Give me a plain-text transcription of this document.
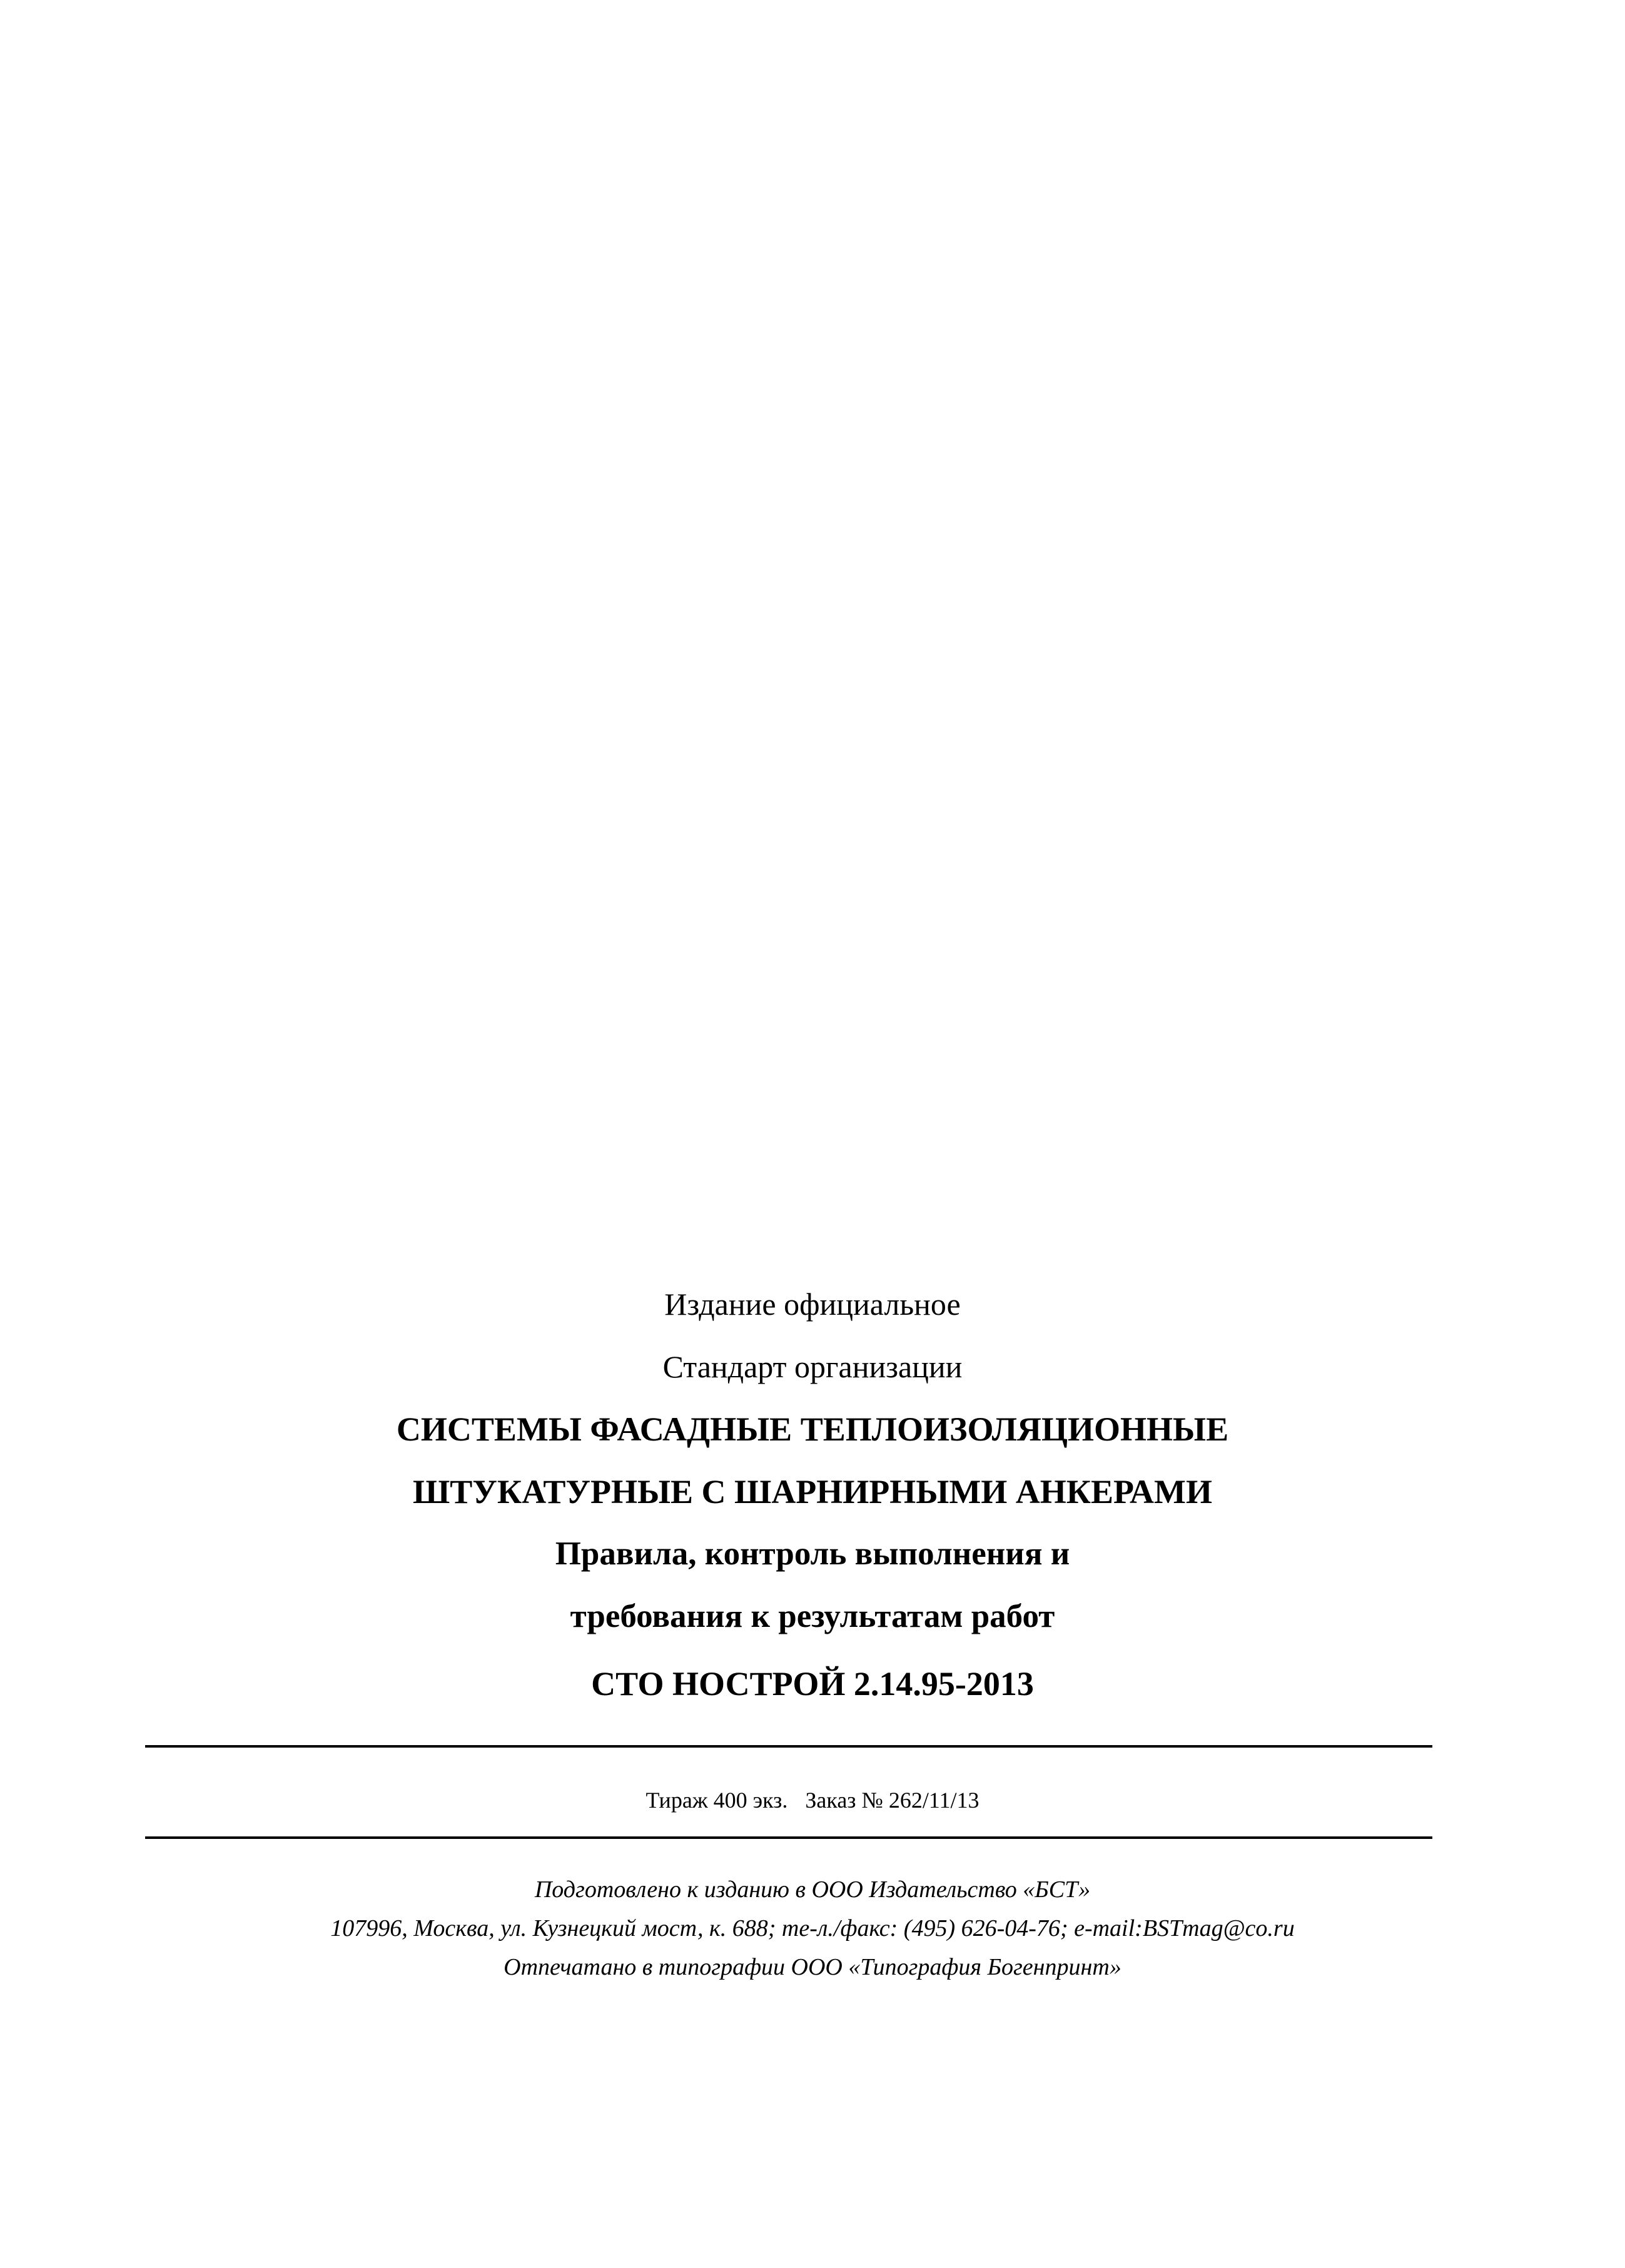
Издание официальное
Стандарт организации
СИСТЕМЫ ФАСАДНЫЕ ТЕПЛОИЗОЛЯЦИОННЫЕ
ШТУКАТУРНЫЕ С ШАРНИРНЫМИ АНКЕРАМИ
Правила, контроль выполнения и
требования к результатам работ
СТО НОСТРОЙ 2.14.95-2013
Тираж 400 экз. Заказ № 262/11/13
Подготовлено к изданию в ООО Издательство «БСТ»
107996, Москва, ул. Кузнецкий мост, к. 688; те-л./факс: (495) 626-04-76; e-mail:BSTmag@co.ru
Отпечатано в типографии ООО «Типография Богенпринт»
